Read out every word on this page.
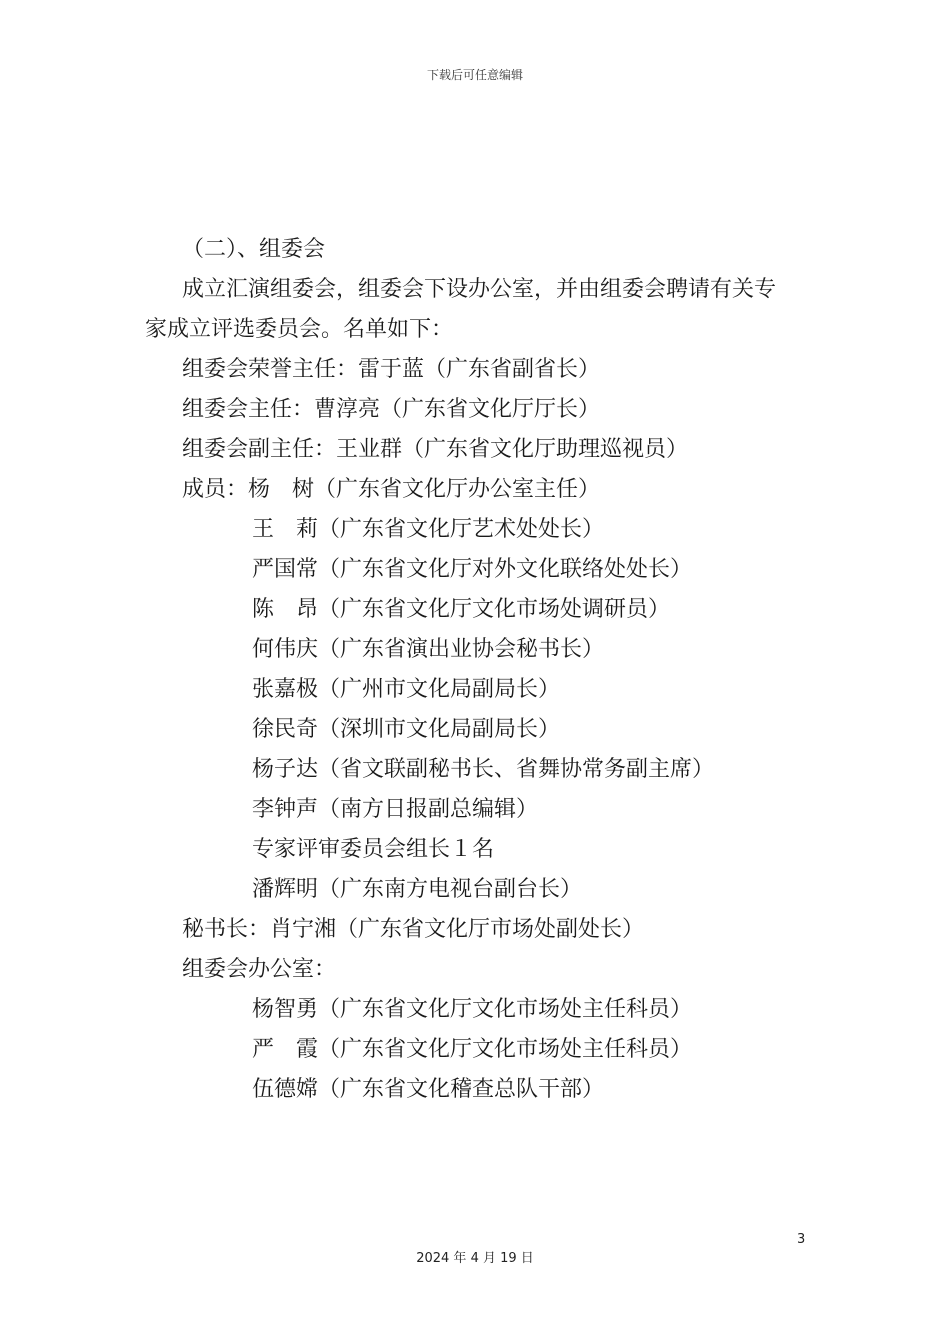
下载后可任意编辑
（二）、组委会
成立汇演组委会，组委会下设办公室，并由组委会聘请有关专
家成立评选委员会。名单如下：
组委会荣誉主任：雷于蓝（广东省副省长）
组委会主任：曹淳亮（广东省文化厅厅长）
组委会副主任：王业群（广东省文化厅助理巡视员）
成员：杨　树（广东省文化厅办公室主任）
王　莉（广东省文化厅艺术处处长）
严国常（广东省文化厅对外文化联络处处长）
陈　昂（广东省文化厅文化市场处调研员）
何伟庆（广东省演出业协会秘书长）
张嘉极（广州市文化局副局长）
徐民奇（深圳市文化局副局长）
杨子达（省文联副秘书长、省舞协常务副主席）
李钟声（南方日报副总编辑）
专家评审委员会组长１名
潘辉明（广东南方电视台副台长）
秘书长：肖宁湘（广东省文化厅市场处副处长）
组委会办公室：
杨智勇（广东省文化厅文化市场处主任科员）
严　霞（广东省文化厅文化市场处主任科员）
伍德嫦（广东省文化稽查总队干部）
3
2024 年 4 月 19 日
